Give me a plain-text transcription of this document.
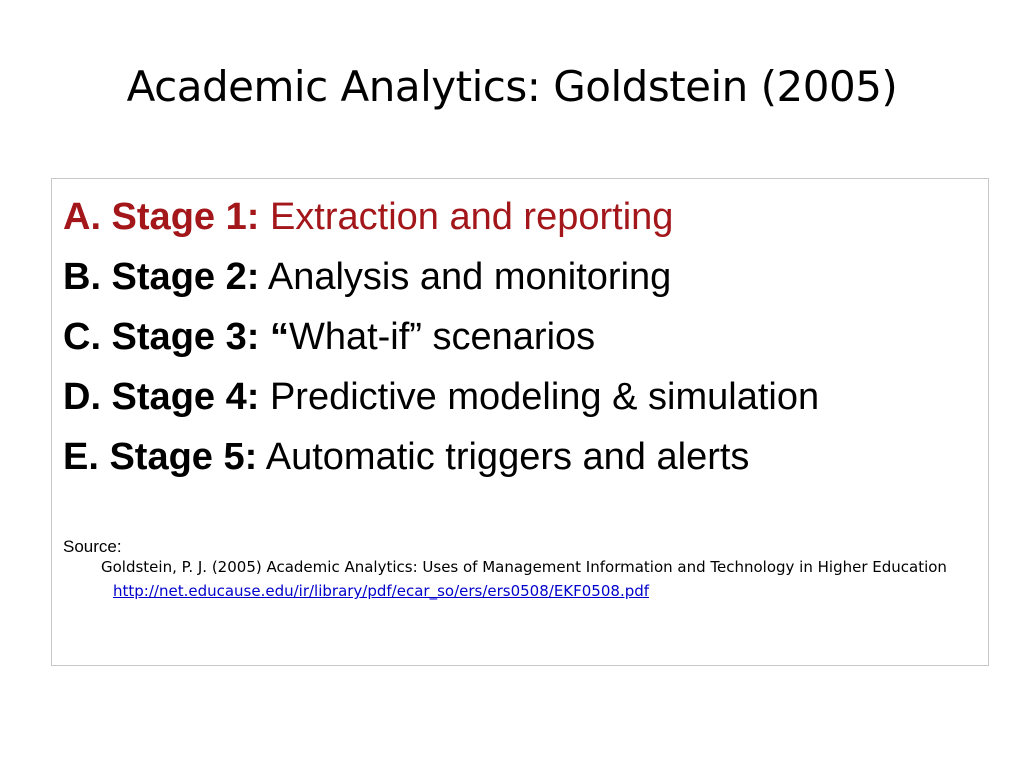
Academic Analytics: Goldstein (2005)
A. Stage 1: Extraction and reporting
B. Stage 2: Analysis and monitoring
C. Stage 3: “What-if” scenarios
D. Stage 4: Predictive modeling & simulation
E. Stage 5: Automatic triggers and alerts
Source:
Goldstein, P. J. (2005) Academic Analytics: Uses of Management Information and Technology in Higher Education
http://net.educause.edu/ir/library/pdf/ecar_so/ers/ers0508/EKF0508.pdf
